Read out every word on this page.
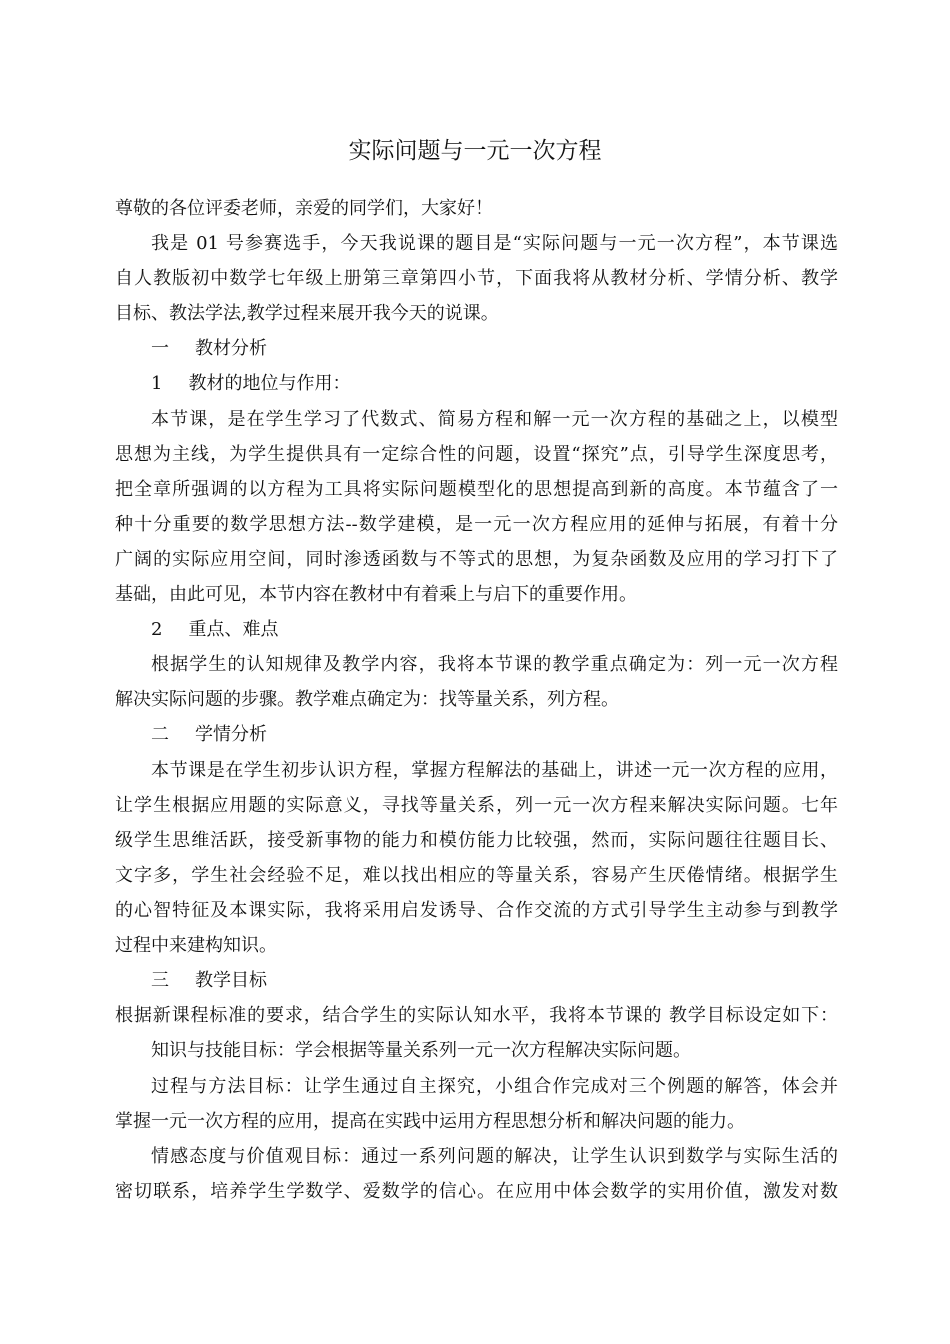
实际问题与一元一次方程
尊敬的各位评委老师，亲爱的同学们，大家好！
我是 01 号参赛选手，今天我说课的题目是“实际问题与一元一次方程”，本节课选
自人教版初中数学七年级上册第三章第四小节，下面我将从教材分析、学情分析、教学
目标、教法学法,教学过程来展开我今天的说课。
一 教材分析
1 教材的地位与作用：
本节课，是在学生学习了代数式、简易方程和解一元一次方程的基础之上，以模型
思想为主线，为学生提供具有一定综合性的问题，设置“探究”点，引导学生深度思考，
把全章所强调的以方程为工具将实际问题模型化的思想提高到新的高度。本节蕴含了一
种十分重要的数学思想方法--数学建模，是一元一次方程应用的延伸与拓展，有着十分
广阔的实际应用空间，同时渗透函数与不等式的思想，为复杂函数及应用的学习打下了
基础，由此可见，本节内容在教材中有着乘上与启下的重要作用。
2 重点、难点
根据学生的认知规律及教学内容，我将本节课的教学重点确定为：列一元一次方程
解决实际问题的步骤。教学难点确定为：找等量关系，列方程。
二 学情分析
本节课是在学生初步认识方程，掌握方程解法的基础上，讲述一元一次方程的应用，
让学生根据应用题的实际意义，寻找等量关系，列一元一次方程来解决实际问题。七年
级学生思维活跃，接受新事物的能力和模仿能力比较强，然而，实际问题往往题目长、
文字多，学生社会经验不足，难以找出相应的等量关系，容易产生厌倦情绪。根据学生
的心智特征及本课实际，我将采用启发诱导、合作交流的方式引导学生主动参与到教学
过程中来建构知识。
三 教学目标
根据新课程标准的要求，结合学生的实际认知水平，我将本节课的 教学目标设定如下：
知识与技能目标：学会根据等量关系列一元一次方程解决实际问题。
过程与方法目标：让学生通过自主探究，小组合作完成对三个例题的解答，体会并
掌握一元一次方程的应用，提高在实践中运用方程思想分析和解决问题的能力。
情感态度与价值观目标：通过一系列问题的解决，让学生认识到数学与实际生活的
密切联系，培养学生学数学、爱数学的信心。在应用中体会数学的实用价值，激发对数
